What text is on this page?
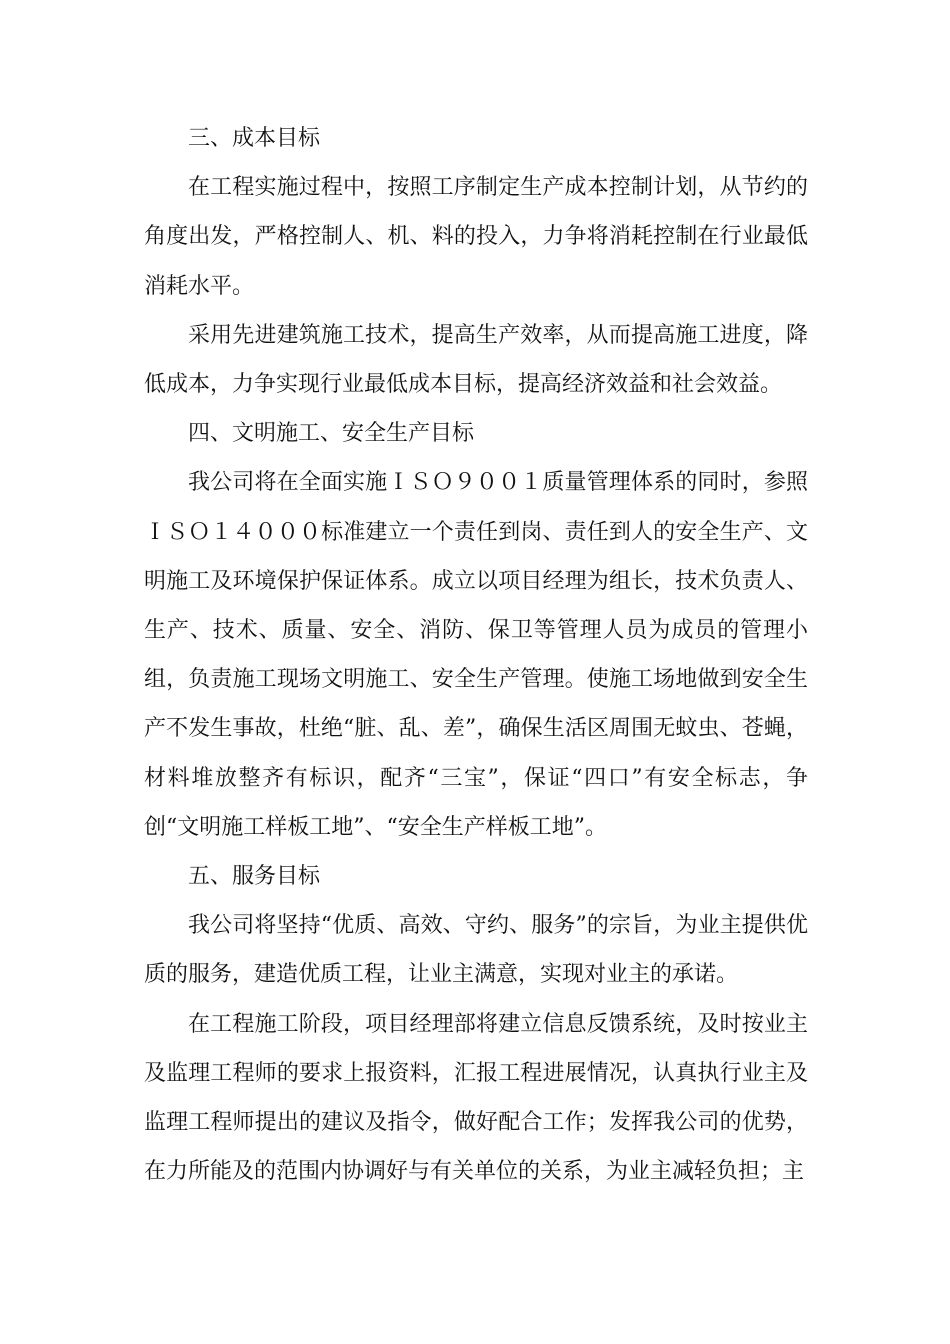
三、成本目标

在工程实施过程中，按照工序制定生产成本控制计划，从节约的角度出发，严格控制人、机、料的投入，力争将消耗控制在行业最低消耗水平。

采用先进建筑施工技术，提高生产效率，从而提高施工进度，降低成本，力争实现行业最低成本目标，提高经济效益和社会效益。

四、文明施工、安全生产目标

我公司将在全面实施ＩＳＯ９００１质量管理体系的同时，参照ＩＳＯ１４０００标准建立一个责任到岗、责任到人的安全生产、文明施工及环境保护保证体系。成立以项目经理为组长，技术负责人、生产、技术、质量、安全、消防、保卫等管理人员为成员的管理小组，负责施工现场文明施工、安全生产管理。使施工场地做到安全生产不发生事故，杜绝“脏、乱、差”，确保生活区周围无蚊虫、苍蝇，材料堆放整齐有标识，配齐“三宝”，保证“四口”有安全标志，争创“文明施工样板工地”、“安全生产样板工地”。

五、服务目标

我公司将坚持“优质、高效、守约、服务”的宗旨，为业主提供优质的服务，建造优质工程，让业主满意，实现对业主的承诺。

在工程施工阶段，项目经理部将建立信息反馈系统，及时按业主及监理工程师的要求上报资料，汇报工程进展情况，认真执行业主及监理工程师提出的建议及指令，做好配合工作；发挥我公司的优势，在力所能及的范围内协调好与有关单位的关系，为业主减轻负担；主
